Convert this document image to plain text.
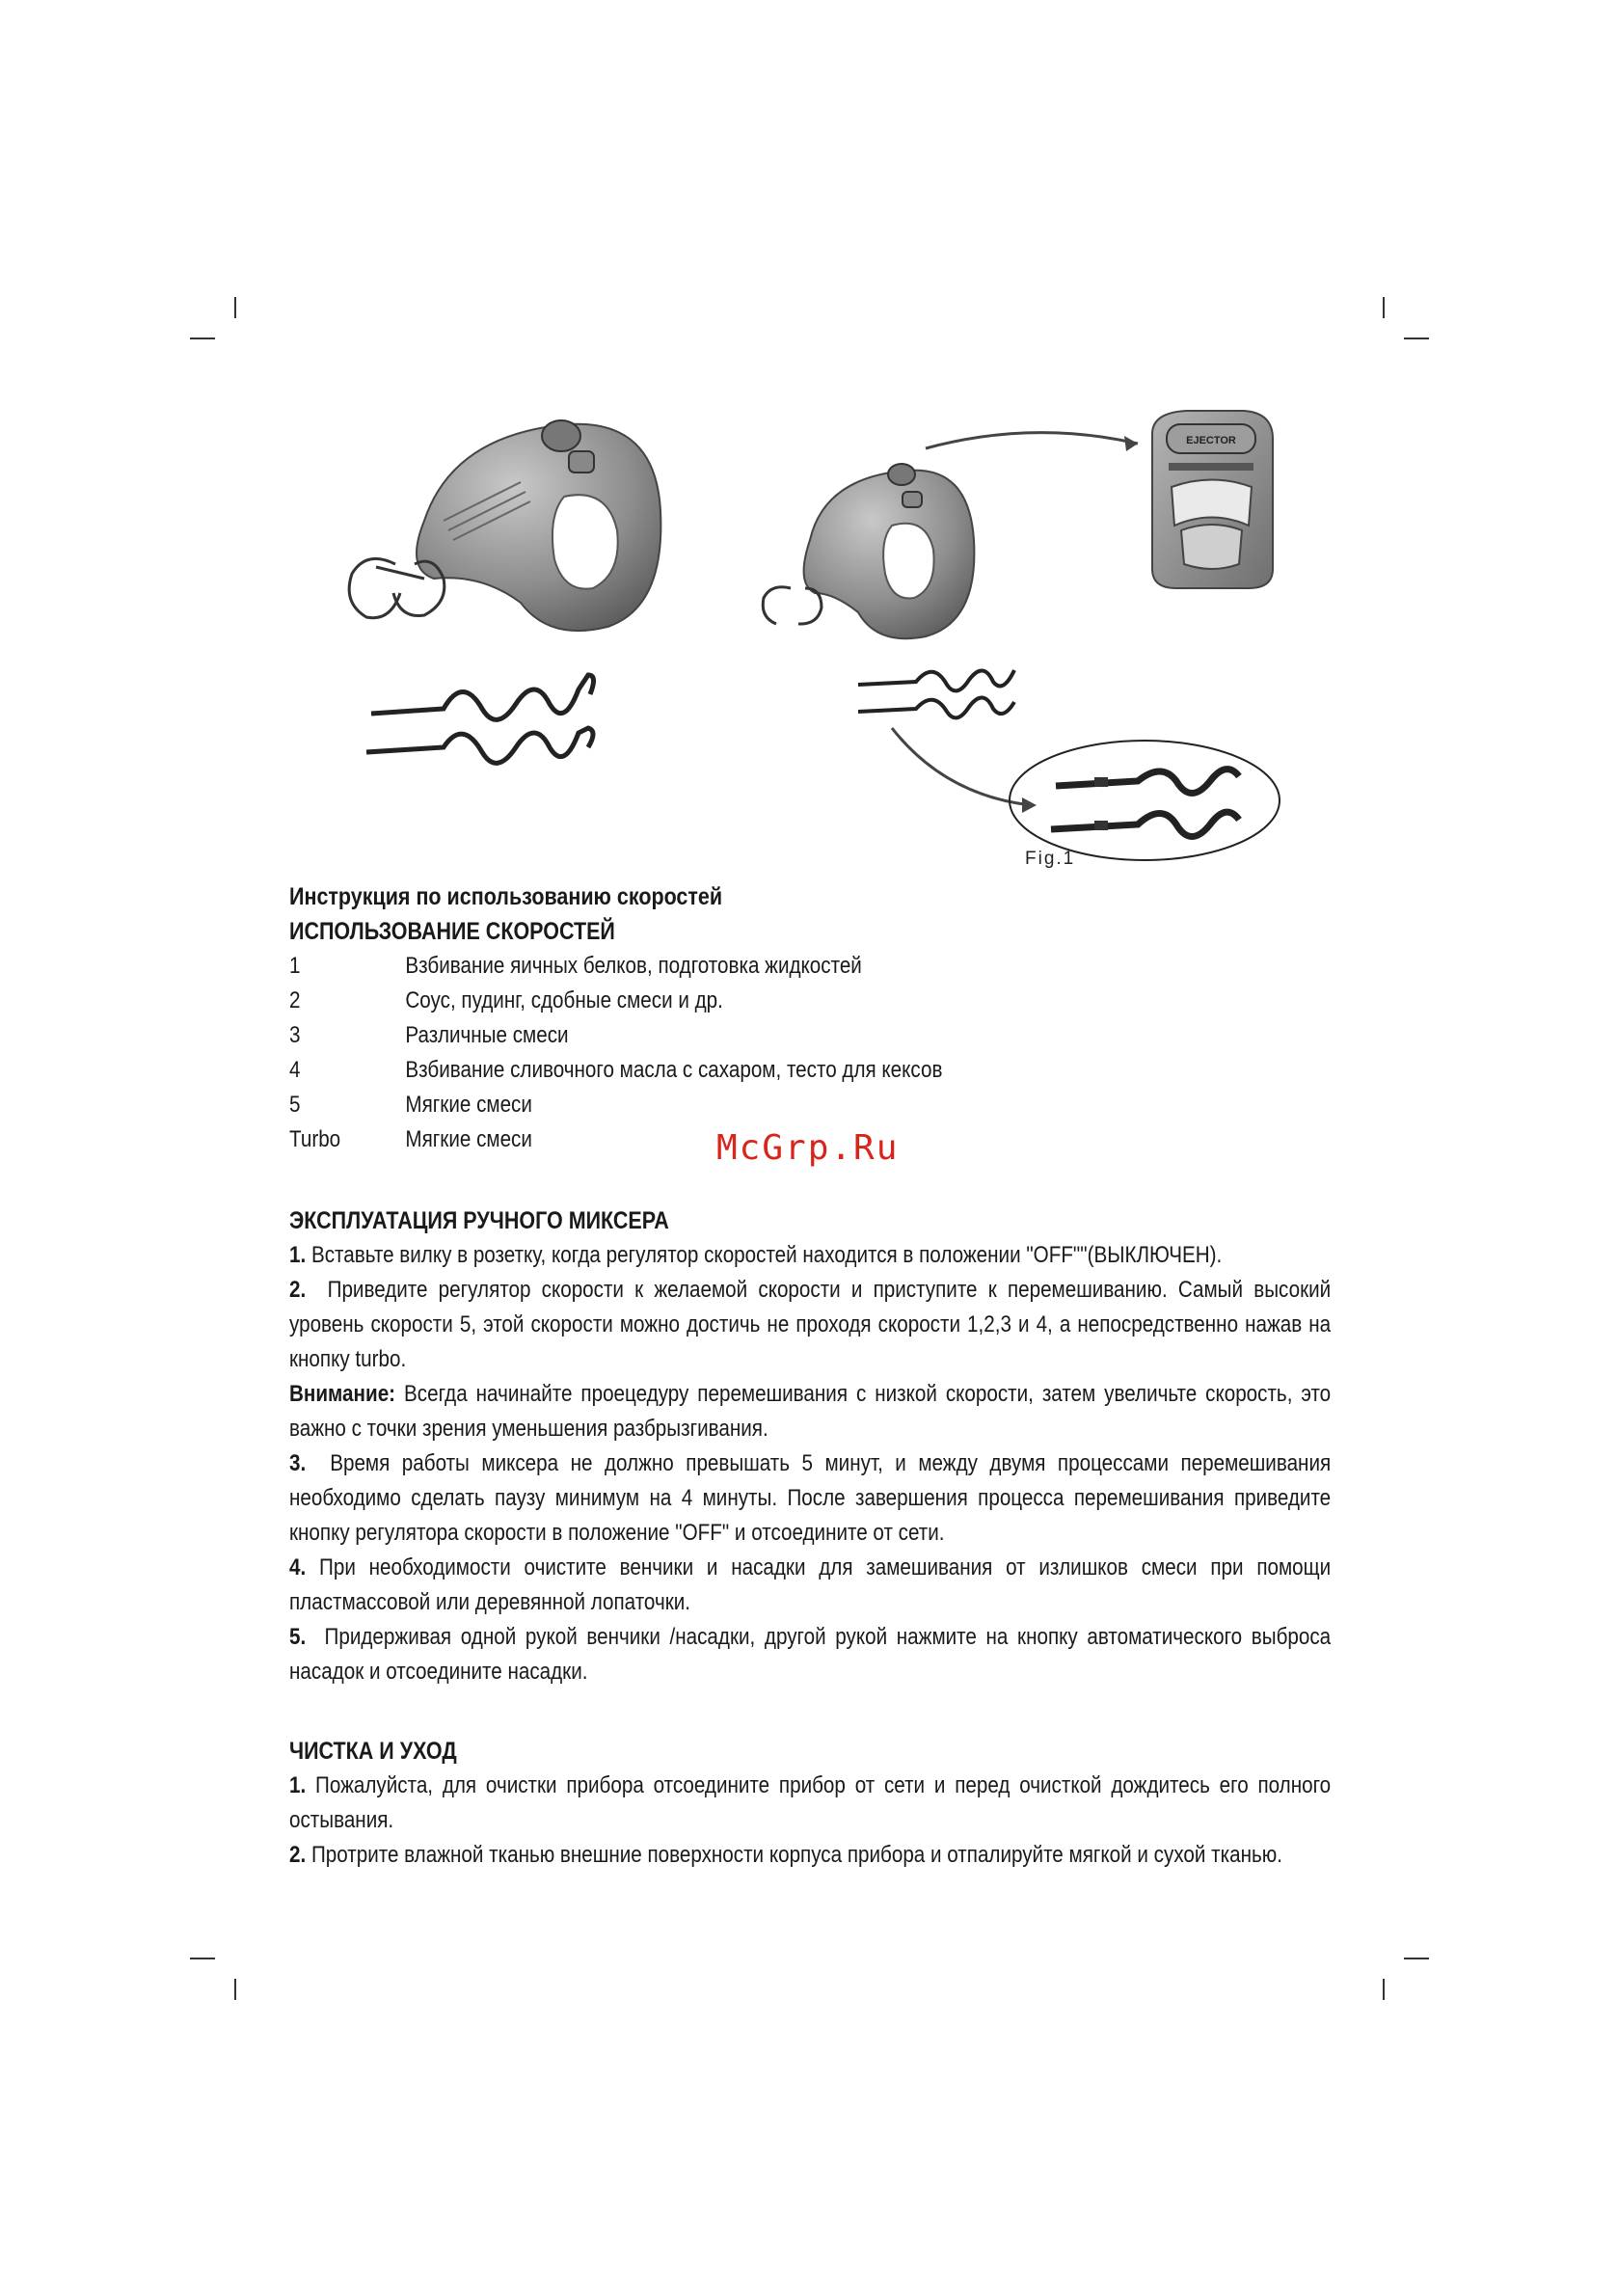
EJECTOR
Fig.1
McGrp.Ru
Инструкция по использованию скоростей
ИСПОЛЬЗОВАНИЕ СКОРОСТЕЙ
1	Взбивание яичных белков, подготовка жидкостей
2	Соус, пудинг, сдобные смеси и др.
3	Различные смеси
4	Взбивание сливочного масла с сахаром, тесто для кексов
5	Мягкие смеси
Turbo	Мягкие смеси
ЭКСПЛУАТАЦИЯ РУЧНОГО МИКСЕРА

1. Вставьте вилку в розетку, когда регулятор скоростей находится в положении "OFF""(ВЫКЛЮЧЕН).

2. Приведите регулятор скорости к желаемой скорости и приступите к перемешиванию. Самый высокий уровень скорости 5, этой скорости можно достичь не проходя скорости 1,2,3 и 4, а непосредственно нажав на кнопку turbo.

Внимание: Всегда начинайте проецедуру перемешивания с низкой скорости, затем увеличьте скорость, это важно с точки зрения уменьшения разбрызгивания.

3. Время работы миксера не должно превышать 5 минут, и между двумя процессами перемешивания необходимо сделать паузу минимум на 4 минуты. После завершения процесса перемешивания приведите кнопку регулятора скорости в положение "OFF" и отсоедините от сети.

4. При необходимости очистите венчики и насадки для замешивания от излишков смеси при помощи пластмассовой или деревянной лопаточки.

5. Придерживая одной рукой венчики /насадки, другой рукой нажмите на кнопку автоматического выброса насадок и отсоедините насадки.

ЧИСТКА И УХОД

1. Пожалуйста, для очистки прибора отсоедините прибор от сети и перед очисткой дождитесь его полного остывания.

2. Протрите влажной тканью внешние поверхности корпуса прибора и отпалируйте мягкой и сухой тканью.
